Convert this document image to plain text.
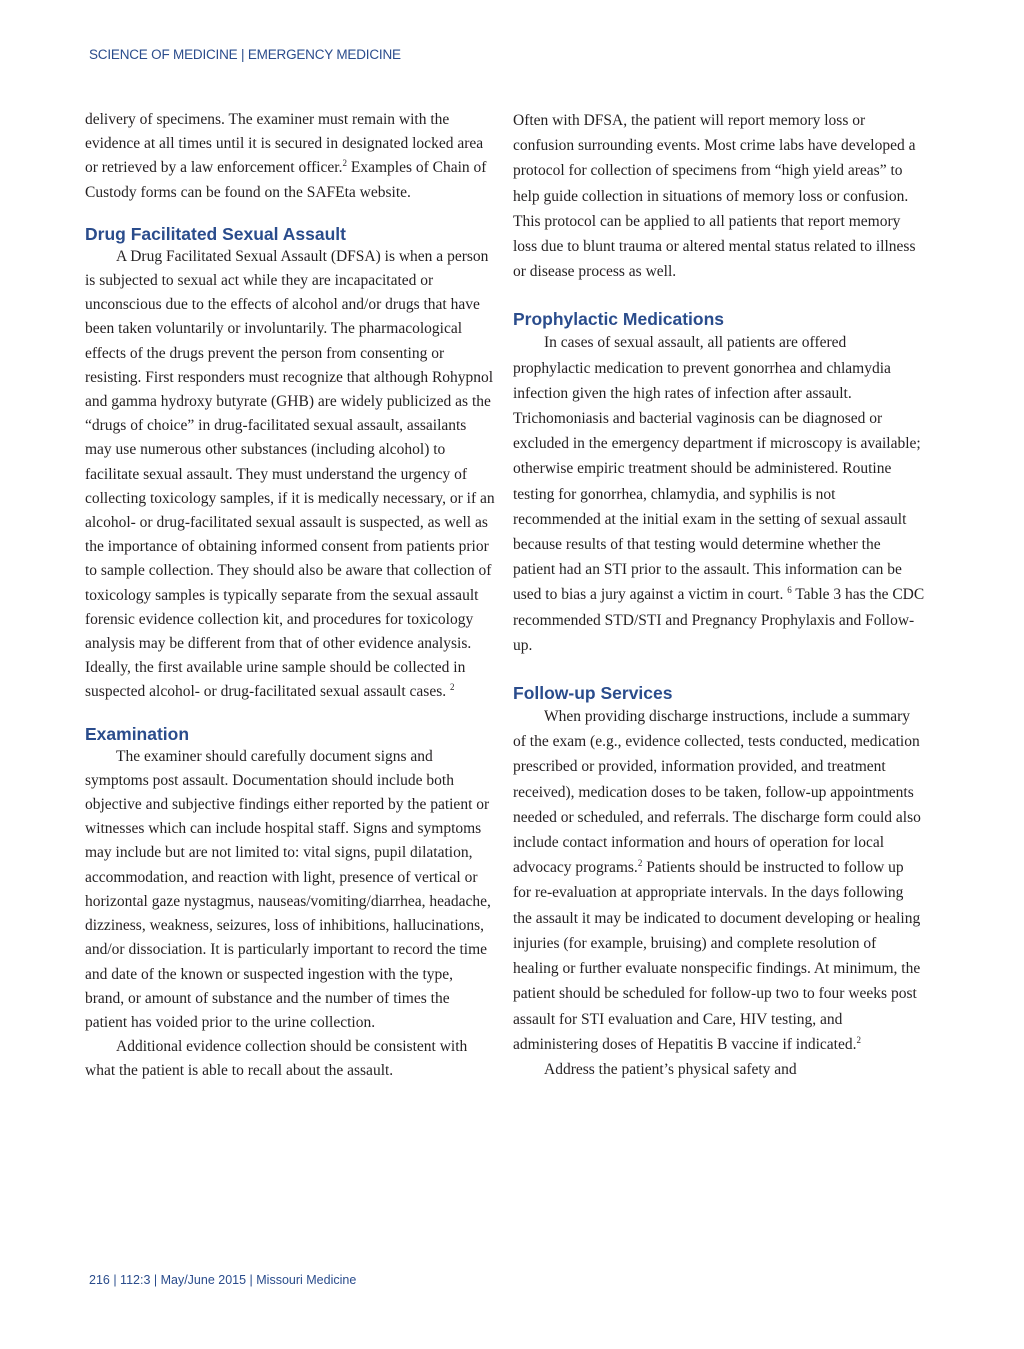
SCIENCE OF MEDICINE | EMERGENCY MEDICINE

delivery of specimens. The examiner must remain with the evidence at all times until it is secured in designated locked area or retrieved by a law enforcement officer.$^2$ Examples of Chain of Custody forms can be found on the SAFEta website.

Drug Facilitated Sexual Assault

A Drug Facilitated Sexual Assault (DFSA) is when a person is subjected to sexual act while they are incapacitated or unconscious due to the effects of alcohol and/or drugs that have been taken voluntarily or involuntarily. The pharmacological effects of the drugs prevent the person from consenting or resisting. First responders must recognize that although Rohypnol and gamma hydroxy butyrate (GHB) are widely publicized as the “drugs of choice” in drug-facilitated sexual assault, assailants may use numerous other substances (including alcohol) to facilitate sexual assault. They must understand the urgency of collecting toxicology samples, if it is medically necessary, or if an alcohol- or drug-facilitated sexual assault is suspected, as well as the importance of obtaining informed consent from patients prior to sample collection. They should also be aware that collection of toxicology samples is typically separate from the sexual assault forensic evidence collection kit, and procedures for toxicology analysis may be different from that of other evidence analysis. Ideally, the first available urine sample should be collected in suspected alcohol- or drug-facilitated sexual assault cases. $^2$

Examination

The examiner should carefully document signs and symptoms post assault. Documentation should include both objective and subjective findings either reported by the patient or witnesses which can include hospital staff. Signs and symptoms may include but are not limited to: vital signs, pupil dilatation, accommodation, and reaction with light, presence of vertical or horizontal gaze nystagmus, nauseas/vomiting/diarrhea, headache, dizziness, weakness, seizures, loss of inhibitions, hallucinations, and/or dissociation. It is particularly important to record the time and date of the known or suspected ingestion with the type, brand, or amount of substance and the number of times the patient has voided prior to the urine collection.

Additional evidence collection should be consistent with what the patient is able to recall about the assault.

Often with DFSA, the patient will report memory loss or confusion surrounding events. Most crime labs have developed a protocol for collection of specimens from “high yield areas” to help guide collection in situations of memory loss or confusion. This protocol can be applied to all patients that report memory loss due to blunt trauma or altered mental status related to illness or disease process as well.

Prophylactic Medications

In cases of sexual assault, all patients are offered prophylactic medication to prevent gonorrhea and chlamydia infection given the high rates of infection after assault. Trichomoniasis and bacterial vaginosis can be diagnosed or excluded in the emergency department if microscopy is available; otherwise empiric treatment should be administered. Routine testing for gonorrhea, chlamydia, and syphilis is not recommended at the initial exam in the setting of sexual assault because results of that testing would determine whether the patient had an STI prior to the assault. This information can be used to bias a jury against a victim in court. $^6$ Table 3 has the CDC recommended STD/STI and Pregnancy Prophylaxis and Follow-up.

Follow-up Services

When providing discharge instructions, include a summary of the exam (e.g., evidence collected, tests conducted, medication prescribed or provided, information provided, and treatment received), medication doses to be taken, follow-up appointments needed or scheduled, and referrals. The discharge form could also include contact information and hours of operation for local advocacy programs.$^2$ Patients should be instructed to follow up for re-evaluation at appropriate intervals. In the days following the assault it may be indicated to document developing or healing injuries (for example, bruising) and complete resolution of healing or further evaluate nonspecific findings. At minimum, the patient should be scheduled for follow-up two to four weeks post assault for STI evaluation and Care, HIV testing, and administering doses of Hepatitis B vaccine if indicated.$^2$

Address the patient’s physical safety and

216 | 112:3 | May/June 2015 | Missouri Medicine
